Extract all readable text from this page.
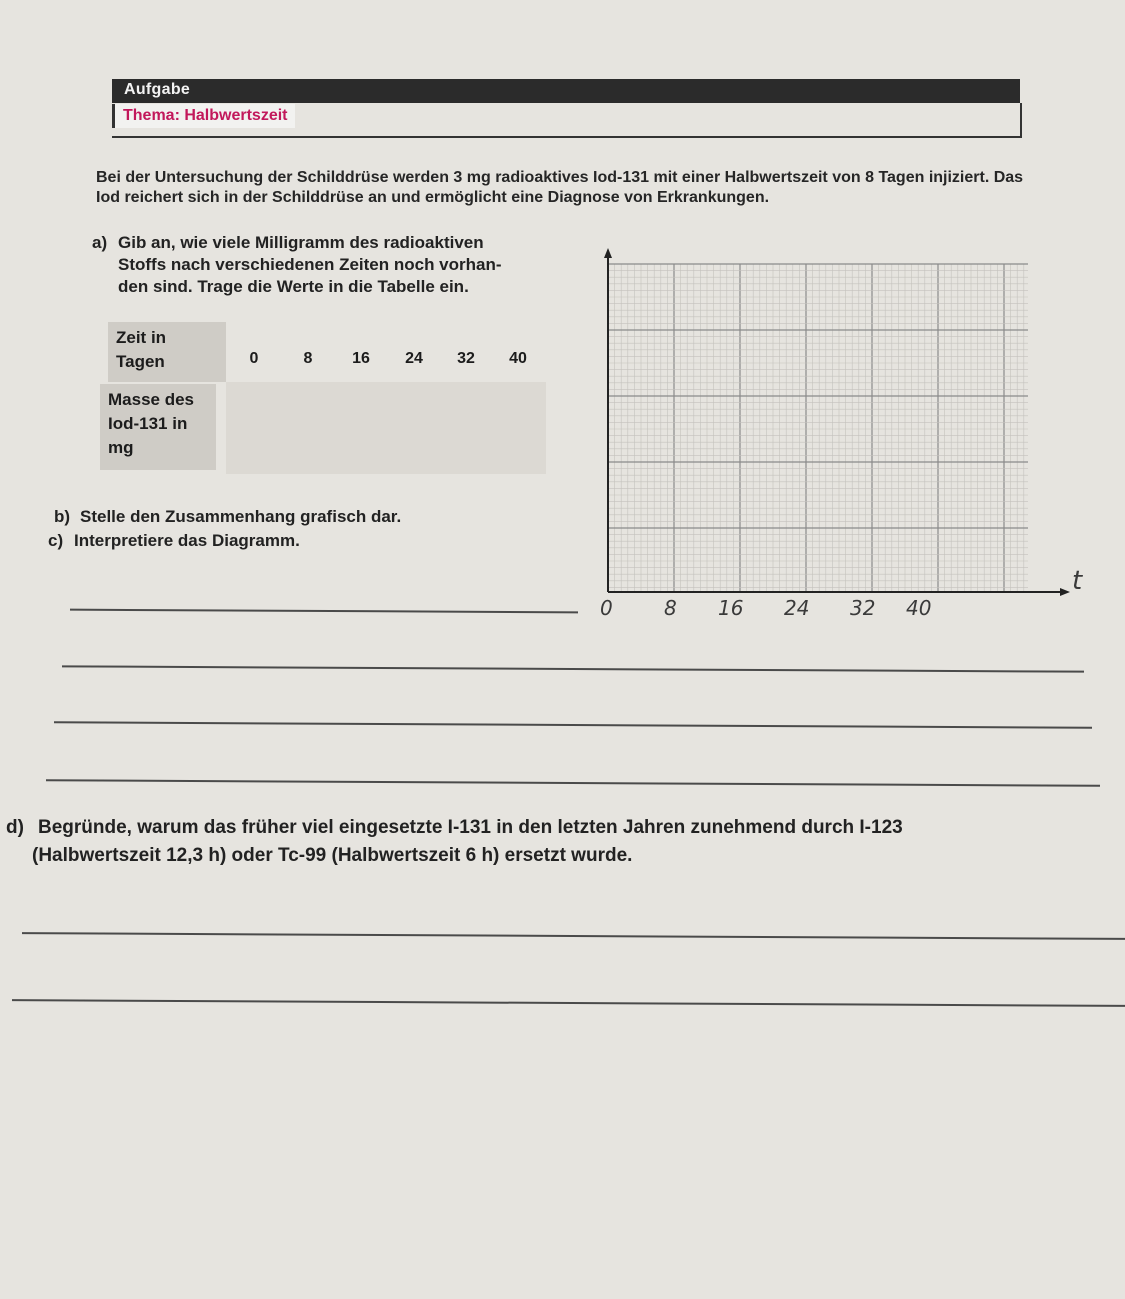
Aufgabe
Thema: Halbwertszeit
Bei der Untersuchung der Schilddrüse werden 3 mg radioaktives Iod-131 mit einer Halbwertszeit von 8 Tagen injiziert. Das Iod reichert sich in der Schilddrüse an und ermöglicht eine Diagnose von Erkrankungen.
a) Gib an, wie viele Milligramm des radioaktiven
Stoffs nach verschiedenen Zeiten noch vorhan-
den sind. Trage die Werte in die Tabelle ein.
Zeit in
Tagen	0	8	16	24	32	40
Masse des
Iod-131 in
mg
b) Stelle den Zusammenhang grafisch dar.
c) Interpretiere das Diagramm.
t
0	8 16 24 32 40
d) Begründe, warum das früher viel eingesetzte I-131 in den letzten Jahren zunehmend durch I-123
(Halbwertszeit 12,3 h) oder Tc-99 (Halbwertszeit 6 h) ersetzt wurde.
